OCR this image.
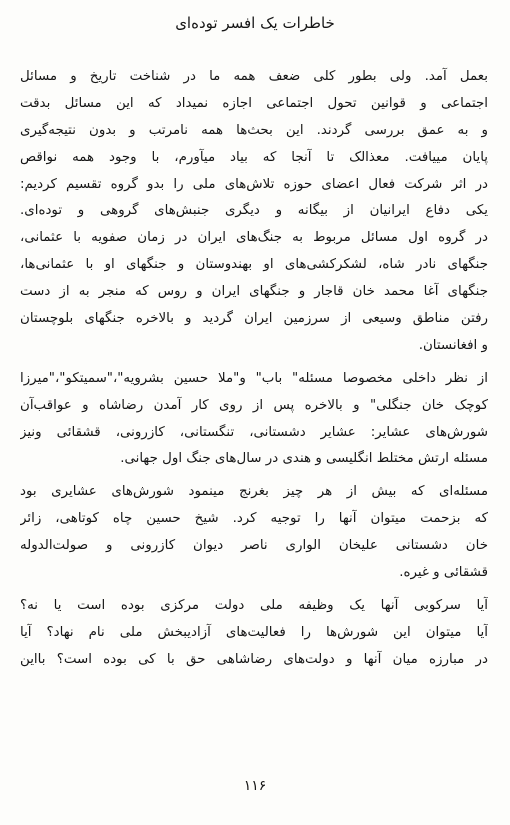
خاطرات یک افسر توده‌ای
بعمل آمد. ولی بطور کلی ضعف همه ما در شناخت تاریخ و مسائل
اجتماعی و قوانین تحول اجتماعی اجازه نمیداد که این مسائل بدقت
و به عمق بررسی گردند. این بحث‌ها همه نامرتب و بدون نتیجه‌گیری
پایان مییافت. معذالک تا آنجا که بیاد میآورم، با وجود همه نواقص
در اثر شرکت فعال اعضای حوزه تلاش‌های ملی را بدو گروه تقسیم کردیم:
یکی دفاع ایرانیان از بیگانه و دیگری جنبش‌های گروهی و توده‌ای.
در گروه اول مسائل مربوط به جنگ‌های ایران در زمان صفویه با عثمانی،
جنگهای نادر شاه، لشکرکشی‌های او بهندوستان و جنگهای او با عثمانی‌ها،
جنگهای آغا محمد خان قاجار و جنگهای ایران و روس که منجر به از دست
رفتن مناطق وسیعی از سرزمین ایران گردید و بالاخره جنگهای بلوچستان
و افغانستان.
از نظر داخلی مخصوصا مسئله" باب" و"ملا حسین بشرویه"،"سمیتکو"،"میرزا
کوچک خان جنگلی" و بالاخره پس از روی کار آمدن رضاشاه و عواقب‌آن
شورش‌های عشایر: عشایر دشستانی، تنگستانی، کازرونی، قشقائی و‌نیز
مسئله ارتش مختلط انگلیسی و هندی در سال‌های جنگ اول جهانی.
مسئله‌ای که بیش از هر چیز بغرنج مینمود شورش‌های عشایری بود
که بزحمت میتوان آنها را توجیه کرد. شیخ حسین چاه کوتاهی، زائر
خان دشستانی علیخان الواری ناصر دیوان کازرونی و صولت‌الدوله
قشقائی و غیره.
آیا سرکوبی آنها یک وظیفه ملی دولت مرکزی بوده است یا نه؟
آیا میتوان این شورش‌ها را فعالیت‌های آزادیبخش ملی نام نهاد؟ آیا
در مبارزه میان آنها و دولت‌های رضاشاهی حق با کی بوده است؟ بااین
۱۱۶
